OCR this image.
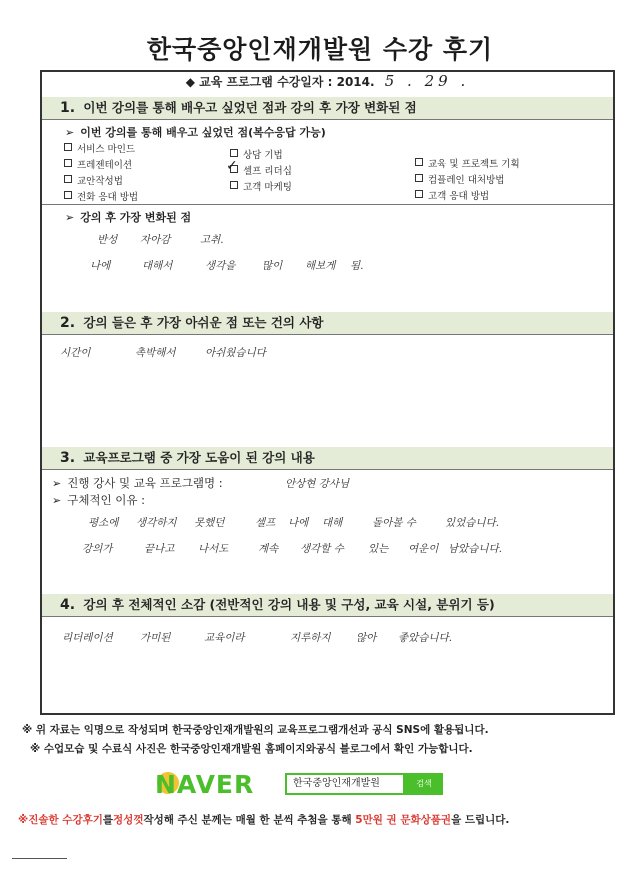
한국중앙인재개발원 수강 후기
◆ 교육 프로그램 수강일자 : 2014. 5 . 29 .
1. 이번 강의를 통해 배우고 싶었던 점과 강의 후 가장 변화된 점
➢ 이번 강의를 통해 배우고 싶었던 점(복수응답 가능)
서비스 마인드
프레젠테이션
교안작성법
전화 응대 방법
상담 기법
셀프 리더십
✓
고객 마케팅
교육 및 프로젝트 기획
컴플레인 대처방법
고객 응대 방법
➢ 강의 후 가장 변화된 점
반성 자아감	고취.
나에	대해서	생각을	많이 해보게 됨.
2. 강의 들은 후 가장 아쉬운 점 또는 건의 사항
시간이	촉박해서	아쉬웠습니다
3. 교육프로그램 중 가장 도움이 된 강의 내용
➢ 진행 강사 및 교육 프로그램명 :	안상현 강사님
➢ 구체적인 이유 :
평소에 생각하지 못했던	셀프 나에 대해	돌아볼 수	있었습니다.
강의가	끝나고 나서도	계속 생각할 수 있는 여운이 남았습니다.
4. 강의 후 전체적인 소감 (전반적인 강의 내용 및 구성, 교육 시설, 분위기 등)
리더레이션	가미된	교육이라	지루하지 않아 좋았습니다.
※ 위 자료는 익명으로 작성되며 한국중앙인재개발원의 교육프로그램개선과 공식 SNS에 활용됩니다.
※ 수업모습 및 수료식 사진은 한국중앙인재개발원 홈페이지와공식 블로그에서 확인 가능합니다.
NAVER	한국중앙인재개발원	검색
※진솔한 수강후기를정성껏작성해 주신 분께는 매월 한 분씩 추첨을 통해 5만원 권 문화상품권을 드립니다.
